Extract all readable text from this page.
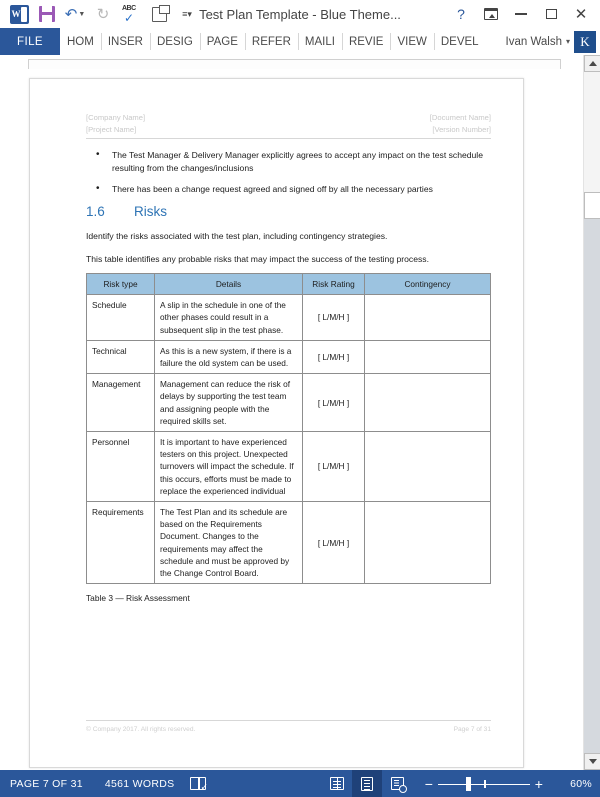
W	↶ ▼ ↻ ABC
✓	≡▾ Test Plan Template - Blue Theme...	?	✕
FILE	HOM	INSER	DESIG	PAGE	REFER	MAILI	REVIE	VIEW	DEVEL	Ivan Walsh ▾ K
[Company Name]
[Project Name]
[Document Name]
[Version Number]
• The Test Manager & Delivery Manager explicitly agrees to accept any impact on the test schedule resulting from the changes/inclusions
• There has been a change request agreed and signed off by all the necessary parties
1.6	Risks
Identify the risks associated with the test plan, including contingency strategies.
This table identifies any probable risks that may impact the success of the testing process.
Risk type	Details	Risk Rating	Contingency
Schedule	A slip in the schedule in one of the other phases could result in a subsequent slip in the test phase.	[ L/M/H ]	
Technical	As this is a new system, if there is a failure the old system can be used.	[ L/M/H ]	
Management	Management can reduce the risk of delays by supporting the test team and assigning people with the required skills set.	[ L/M/H ]	
Personnel	It is important to have experienced testers on this project. Unexpected turnovers will impact the schedule. If this occurs, efforts must be made to replace the experienced individual	[ L/M/H ]	
Requirements	The Test Plan and its schedule are based on the Requirements Document. Changes to the requirements may affect the schedule and must be approved by the Change Control Board.	[ L/M/H ]	
Table 3 — Risk Assessment
© Company 2017. All rights reserved.	Page 7 of 31
PAGE 7 OF 31 4561 WORDS	✓	−	+	60%
